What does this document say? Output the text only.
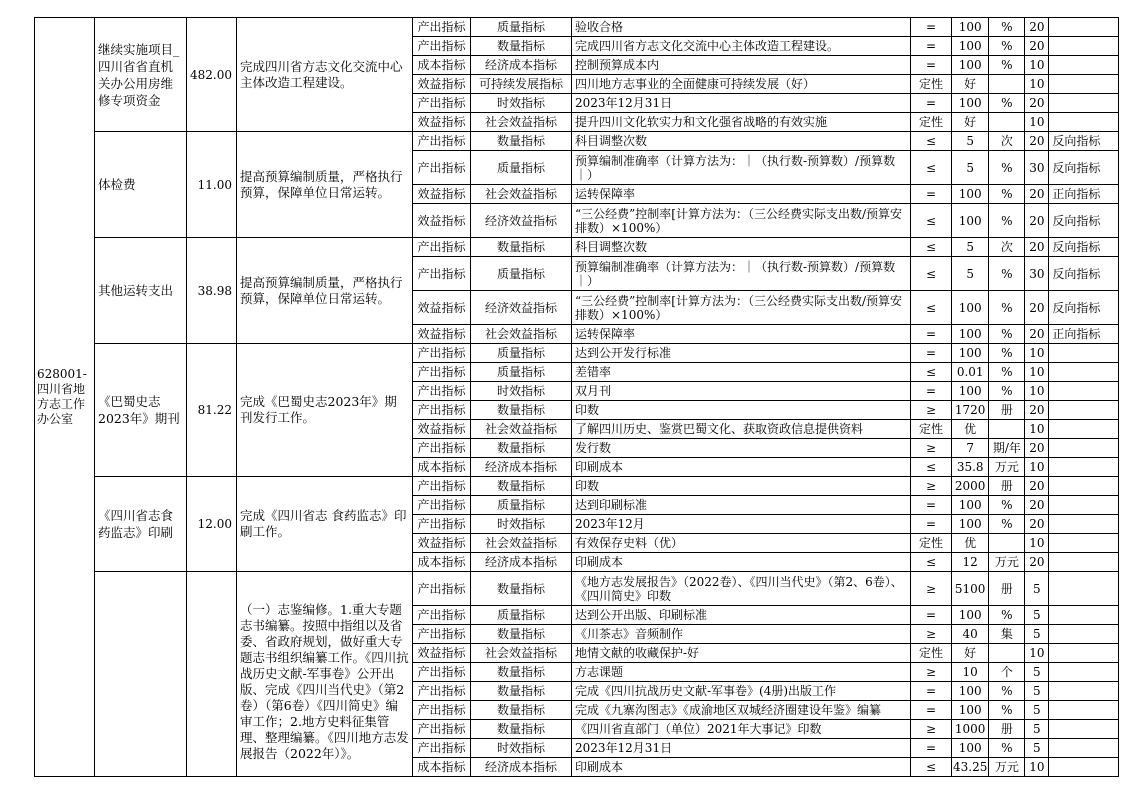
628001-四川省地方志工作办公室	继续实施项目_四川省省直机关办公用房维修专项资金	482.00	完成四川省方志文化交流中心主体改造工程建设。	产出指标	质量指标	验收合格	=	100	%	20	
				产出指标	数量指标	完成四川省方志文化交流中心主体改造工程建设。	=	100	%	20	
				成本指标	经济成本指标	控制预算成本内	=	100	%	10	
				效益指标	可持续发展指标	四川地方志事业的全面健康可持续发展（好）	定性	好		10	
				产出指标	时效指标	2023年12月31日	=	100	%	20	
				效益指标	社会效益指标	提升四川文化软实力和文化强省战略的有效实施	定性	好		10	
	体检费	11.00	提高预算编制质量，严格执行预算，保障单位日常运转。	产出指标	数量指标	科目调整次数	≤	5	次	20	反向指标
				产出指标	质量指标	预算编制准确率（计算方法为：｜（执行数-预算数）/预算数｜）	≤	5	%	30	反向指标
				效益指标	社会效益指标	运转保障率	=	100	%	20	正向指标
				效益指标	经济效益指标	“三公经费”控制率[计算方法为：（三公经费实际支出数/预算安排数）×100%）	≤	100	%	20	反向指标
	其他运转支出	38.98	提高预算编制质量，严格执行预算，保障单位日常运转。	产出指标	数量指标	科目调整次数	≤	5	次	20	反向指标
				产出指标	质量指标	预算编制准确率（计算方法为：｜（执行数-预算数）/预算数｜）	≤	5	%	30	反向指标
				效益指标	经济效益指标	“三公经费”控制率[计算方法为：（三公经费实际支出数/预算安排数）×100%）	≤	100	%	20	反向指标
				效益指标	社会效益指标	运转保障率	=	100	%	20	正向指标
	《巴蜀史志2023年》期刊	81.22	完成《巴蜀史志2023年》期刊发行工作。	产出指标	质量指标	达到公开发行标准	=	100	%	10	
				产出指标	质量指标	差错率	≤	0.01	%	10	
				产出指标	时效指标	双月刊	=	100	%	10	
				产出指标	数量指标	印数	≥	1720	册	20	
				效益指标	社会效益指标	了解四川历史、鉴赏巴蜀文化、获取资政信息提供资料	定性	优		10	
				产出指标	数量指标	发行数	≥	7	期/年	20	
				成本指标	经济成本指标	印刷成本	≤	35.8	万元	10	
	《四川省志食药监志》印刷	12.00	完成《四川省志 食药监志》印刷工作。	产出指标	数量指标	印数	≥	2000	册	20	
				产出指标	质量指标	达到印刷标准	=	100	%	20	
				产出指标	时效指标	2023年12月	=	100	%	20	
				效益指标	社会效益指标	有效保存史料（优）	定性	优		10	
				成本指标	经济成本指标	印刷成本	≤	12	万元	20	
			（一）志鉴编修。1.重大专题志书编纂。按照中指组以及省委、省政府规划，做好重大专题志书组织编纂工作。《四川抗战历史文献-军事卷》公开出版、完成《四川当代史》（第2卷）（第6卷）《四川简史》编审工作；2.地方史料征集管理、整理编纂。《四川地方志发展报告（2022年）》。	产出指标	数量指标	《地方志发展报告》（2022卷）、《四川当代史》（第2、6卷）、《四川简史》印数	≥	5100	册	5	
				产出指标	质量指标	达到公开出版、印刷标准	=	100	%	5	
				产出指标	数量指标	《川茶志》音频制作	≥	40	集	5	
				效益指标	社会效益指标	地情文献的收藏保护-好	定性	好		10	
				产出指标	数量指标	方志课题	≥	10	个	5	
				产出指标	数量指标	完成《四川抗战历史文献-军事卷》(4册)出版工作	=	100	%	5	
				产出指标	数量指标	完成《九寨沟图志》《成渝地区双城经济圈建设年鉴》编纂	=	100	%	5	
				产出指标	数量指标	《四川省直部门（单位）2021年大事记》印数	≥	1000	册	5	
				产出指标	时效指标	2023年12月31日	=	100	%	5	
				成本指标	经济成本指标	印刷成本	≤	43.25	万元	10	
